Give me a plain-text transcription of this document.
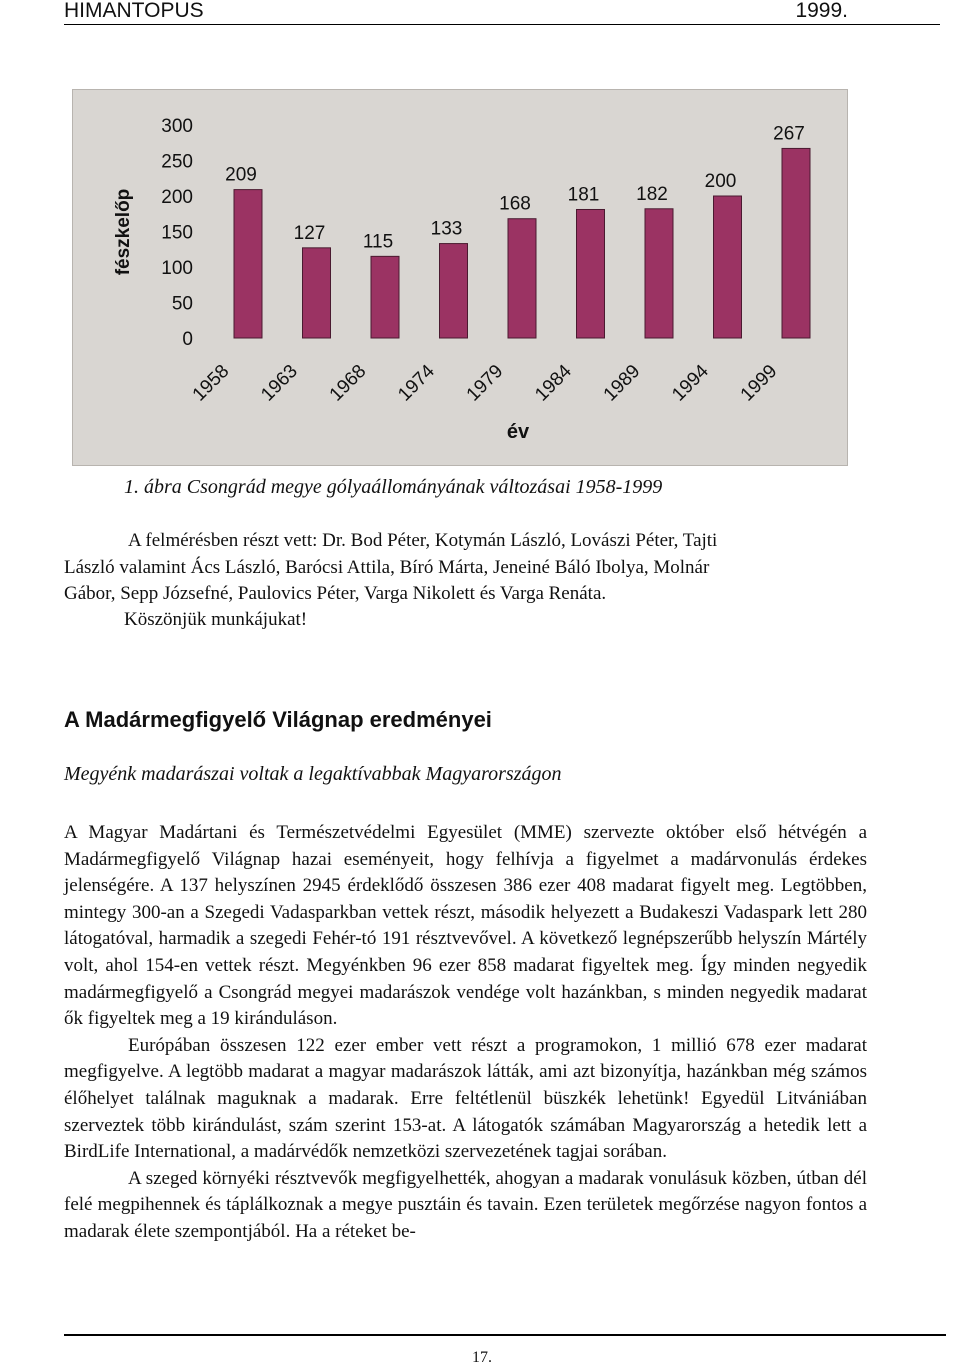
HIMANTOPUS	1999.
fészkelőp
0
50
100
150
200
250
300
209
1958
127
1963
115
1968
133
1974
168
1979
181
1984
182
1989
200
1994
267
1999
év
1. ábra Csongrád megye gólyaállományának változásai 1958-1999
A felmérésben részt vett: Dr. Bod Péter, Kotymán László, Lovászi Péter, Tajti
László valamint Ács László, Barócsi Attila, Bíró Márta, Jeneiné Báló Ibolya, Molnár
Gábor, Sepp Józsefné, Paulovics Péter, Varga Nikolett és Varga Renáta.
Köszönjük munkájukat!
A Madármegfigyelő Világnap eredményei
Megyénk madarászai voltak a legaktívabbak Magyarországon

A Magyar Madártani és Természetvédelmi Egyesület (MME) szervezte október első hétvégén a Madármegfigyelő Világnap hazai eseményeit, hogy felhívja a figyelmet a madárvonulás érdekes jelenségére. A 137 helyszínen 2945 érdeklődő összesen 386 ezer 408 madarat figyelt meg. Legtöbben, mintegy 300-an a Szegedi Vadasparkban vettek részt, második helyezett a Budakeszi Vadaspark lett 280 látogatóval, harmadik a szegedi Fehér-tó 191 résztvevővel. A következő legnépszerűbb helyszín Mártély volt, ahol 154-en vettek részt. Megyénkben 96 ezer 858 madarat figyeltek meg. Így minden negyedik madármegfigyelő a Csongrád megyei madarászok vendége volt hazánkban, s minden negyedik madarat ők figyeltek meg a 19 kiránduláson.

Európában összesen 122 ezer ember vett részt a programokon, 1 millió 678 ezer madarat megfigyelve. A legtöbb madarat a magyar madarászok látták, ami azt bizonyítja, hazánkban még számos élőhelyet találnak maguknak a madarak. Erre feltétlenül büszkék lehetünk! Egyedül Litvániában szerveztek több kirándulást, szám szerint 153-at. A látogatók számában Magyarország a hetedik lett a BirdLife International, a madárvédők nemzetközi szervezetének tagjai sorában.

A szeged környéki résztvevők megfigyelhették, ahogyan a madarak vonulásuk közben, útban dél felé megpihennek és táplálkoznak a megye pusztáin és tavain. Ezen területek megőrzése nagyon fontos a madarak élete szempontjából. Ha a réteket be-

17.
